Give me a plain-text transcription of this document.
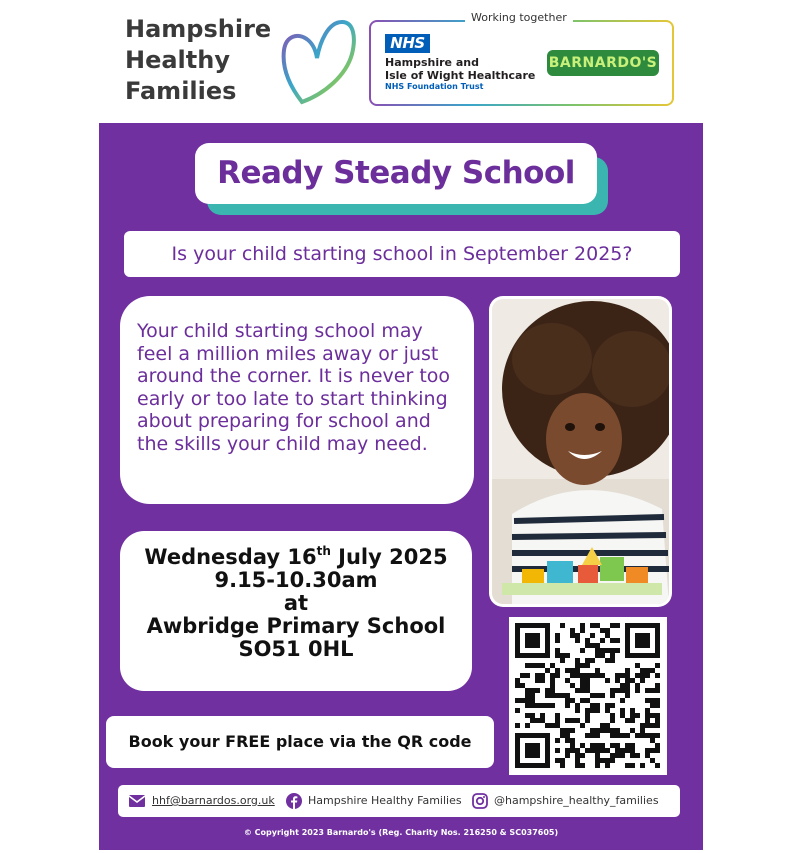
Hampshire
Healthy
Families
Working together
NHS
Hampshire and
Isle of Wight Healthcare
NHS Foundation Trust
BARNARDO'S
Ready Steady School
Is your child starting school in September 2025?
Your child starting school may feel a million miles away or just around the corner. It is never too early or too late to start thinking about preparing for school and the skills your child may need.
Wednesday 16th July 2025
9.15-10.30am
at
Awbridge Primary School
SO51 0HL
Book your FREE place via the QR code
hhf@barnardos.org.uk	Hampshire Healthy Families	@hampshire_healthy_families
© Copyright 2023 Barnardo's (Reg. Charity Nos. 216250 & SC037605)
